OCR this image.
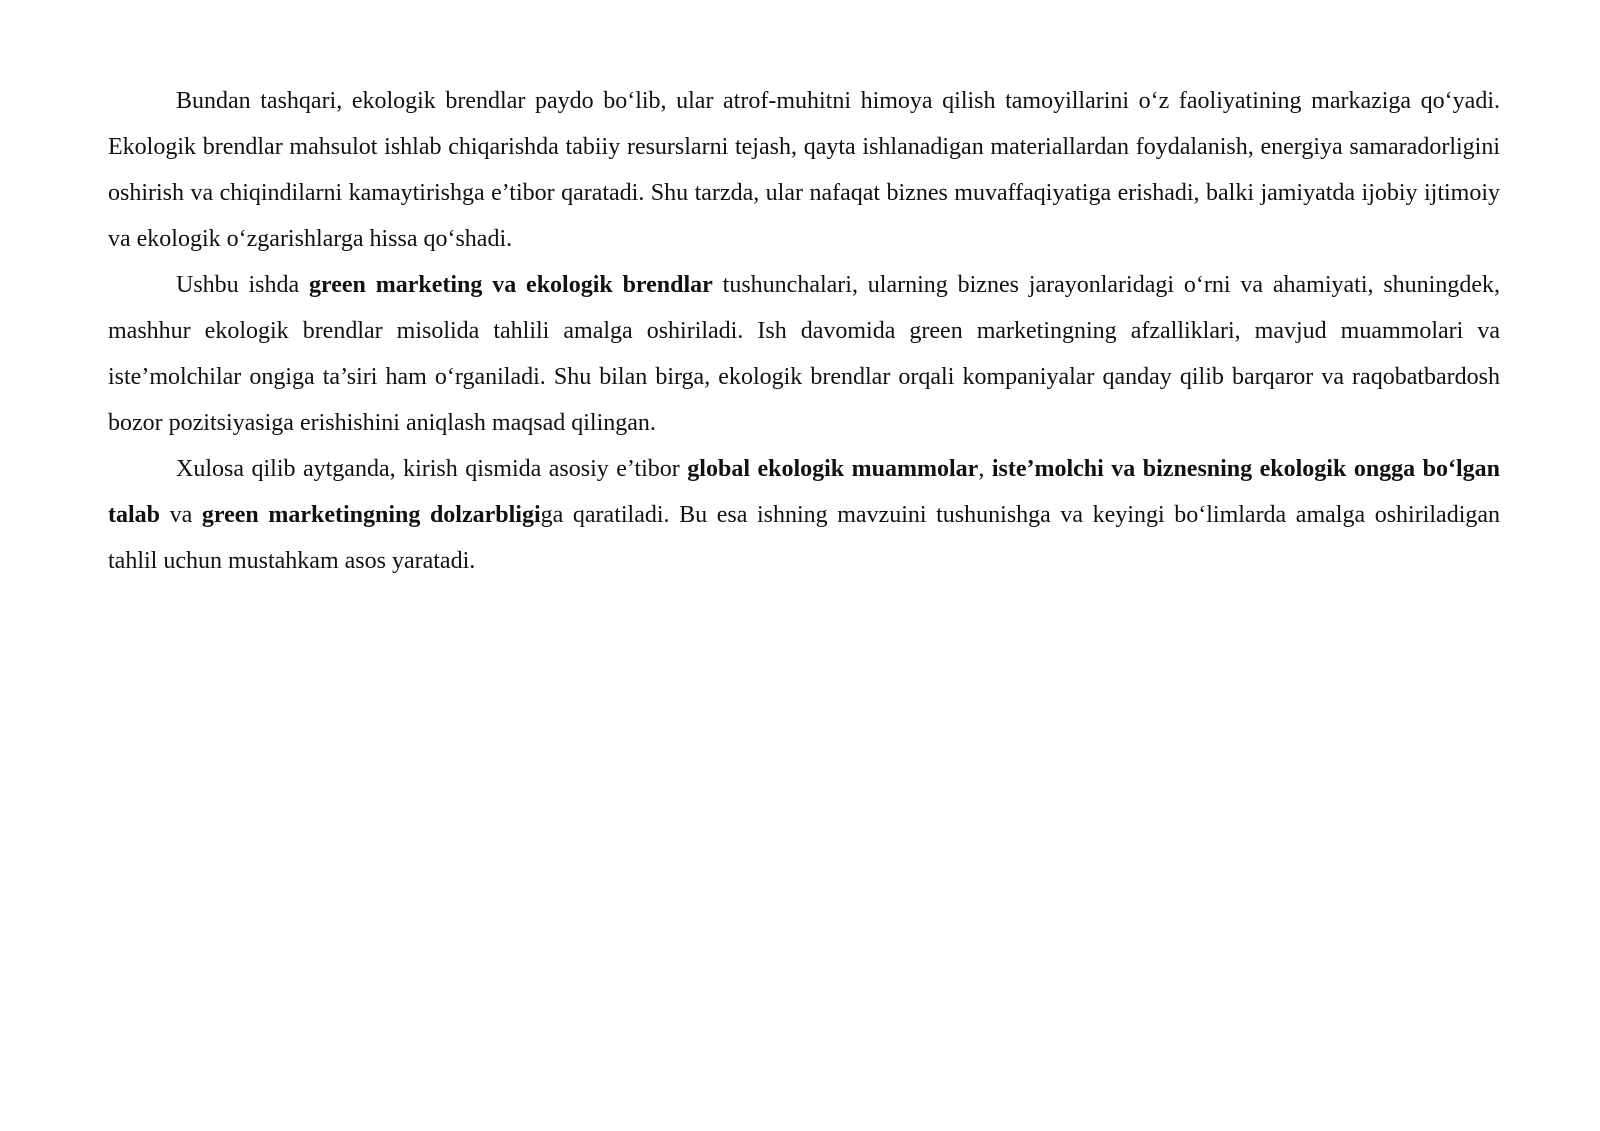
Bundan tashqari, ekologik brendlar paydo bo‘lib, ular atrof-muhitni himoya qilish tamoyillarini o‘z faoliyatining markaziga qo‘yadi. Ekologik brendlar mahsulot ishlab chiqarishda tabiiy resurslarni tejash, qayta ishlanadigan materiallardan foydalanish, energiya samaradorligini oshirish va chiqindilarni kamaytirishga e’tibor qaratadi. Shu tarzda, ular nafaqat biznes muvaffaqiyatiga erishadi, balki jamiyatda ijobiy ijtimoiy va ekologik o‘zgarishlarga hissa qo‘shadi.

Ushbu ishda green marketing va ekologik brendlar tushunchalari, ularning biznes jarayonlaridagi o‘rni va ahamiyati, shuningdek, mashhur ekologik brendlar misolida tahlili amalga oshiriladi. Ish davomida green marketingning afzalliklari, mavjud muammolari va iste’molchilar ongiga ta’siri ham o‘rganiladi. Shu bilan birga, ekologik brendlar orqali kompaniyalar qanday qilib barqaror va raqobatbardosh bozor pozitsiyasiga erishishini aniqlash maqsad qilingan.

Xulosa qilib aytganda, kirish qismida asosiy e’tibor global ekologik muammolar, iste’molchi va biznesning ekologik ongga bo‘lgan talab va green marketingning dolzarbligiga qaratiladi. Bu esa ishning mavzuini tushunishga va keyingi bo‘limlarda amalga oshiriladigan tahlil uchun mustahkam asos yaratadi.
